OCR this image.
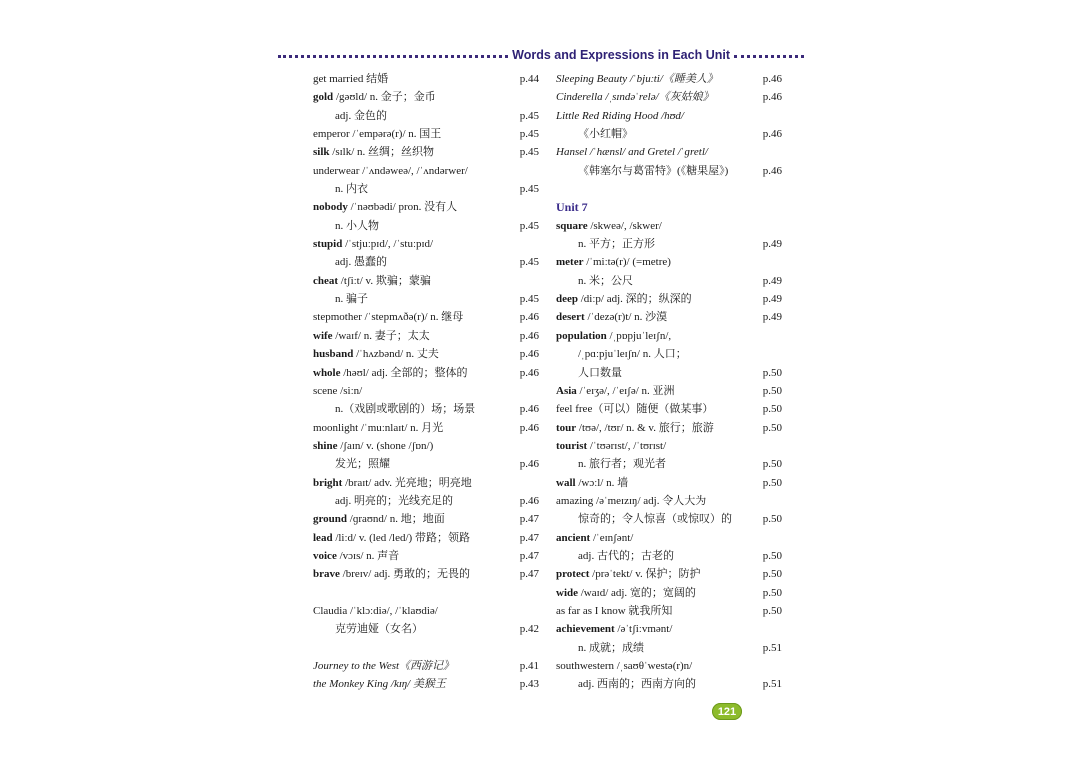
Words and Expressions in Each Unit
get married 结婚	p.44
gold /gəʊld/ n. 金子；金币
adj. 金色的	p.45
emperor /ˈempərə(r)/ n. 国王	p.45
silk /sɪlk/ n. 丝绸；丝织物	p.45
underwear /ˈʌndəweə/, /ˈʌndərwer/
n. 内衣	p.45
nobody /ˈnəʊbədi/ pron. 没有人
n. 小人物	p.45
stupid /ˈstjuːpɪd/, /ˈstuːpɪd/
adj. 愚蠢的	p.45
cheat /tʃiːt/ v. 欺骗；蒙骗
n. 骗子	p.45
stepmother /ˈstepmʌðə(r)/ n. 继母	p.46
wife /waɪf/ n. 妻子；太太	p.46
husband /ˈhʌzbənd/ n. 丈夫	p.46
whole /həʊl/ adj. 全部的；整体的	p.46
scene /siːn/
n.（戏剧或歌剧的）场；场景	p.46
moonlight /ˈmuːnlaɪt/ n. 月光	p.46
shine /ʃaɪn/ v. (shone /ʃɒn/)
发光；照耀	p.46
bright /braɪt/ adv. 光亮地；明亮地
adj. 明亮的；光线充足的	p.46
ground /ɡraʊnd/ n. 地；地面	p.47
lead /liːd/ v. (led /led/) 带路；领路	p.47
voice /vɔɪs/ n. 声音	p.47
brave /breɪv/ adj. 勇敢的；无畏的	p.47
Claudia /ˈklɔːdiə/, /ˈklaʊdiə/
克劳迪娅（女名）	p.42
Journey to the West《西游记》	p.41
the Monkey King /kɪŋ/ 美猴王	p.43
Sleeping Beauty /ˈbjuːti/《睡美人》	p.46
Cinderella /ˌsɪndəˈrelə/《灰姑娘》	p.46
Little Red Riding Hood /hʊd/
《小红帽》	p.46
Hansel /ˈhænsl/ and Gretel /ˈɡretl/
《韩塞尔与葛雷特》(《糖果屋》)	p.46
Unit 7
square /skweə/, /skwer/
n. 平方；正方形	p.49
meter /ˈmiːtə(r)/ (=metre)
n. 米；公尺	p.49
deep /diːp/ adj. 深的；纵深的	p.49
desert /ˈdezə(r)t/ n. 沙漠	p.49
population /ˌpɒpjuˈleɪʃn/,
/ˌpɑːpjuˈleɪʃn/ n. 人口；
人口数量	p.50
Asia /ˈeɪʒə/, /ˈeɪʃə/ n. 亚洲	p.50
feel free（可以）随便（做某事）	p.50
tour /tʊə/, /tʊr/ n. & v. 旅行；旅游	p.50
tourist /ˈtʊərɪst/, /ˈtʊrɪst/
n. 旅行者；观光者	p.50
wall /wɔːl/ n. 墙	p.50
amazing /əˈmeɪzɪŋ/ adj. 令人大为
惊奇的；令人惊喜（或惊叹）的	p.50
ancient /ˈeɪnʃənt/
adj. 古代的；古老的	p.50
protect /prəˈtekt/ v. 保护；防护	p.50
wide /waɪd/ adj. 宽的；宽阔的	p.50
as far as I know 就我所知	p.50
achievement /əˈtʃiːvmənt/
n. 成就；成绩	p.51
southwestern /ˌsaʊθˈwestə(r)n/
adj. 西南的；西南方向的	p.51
121
